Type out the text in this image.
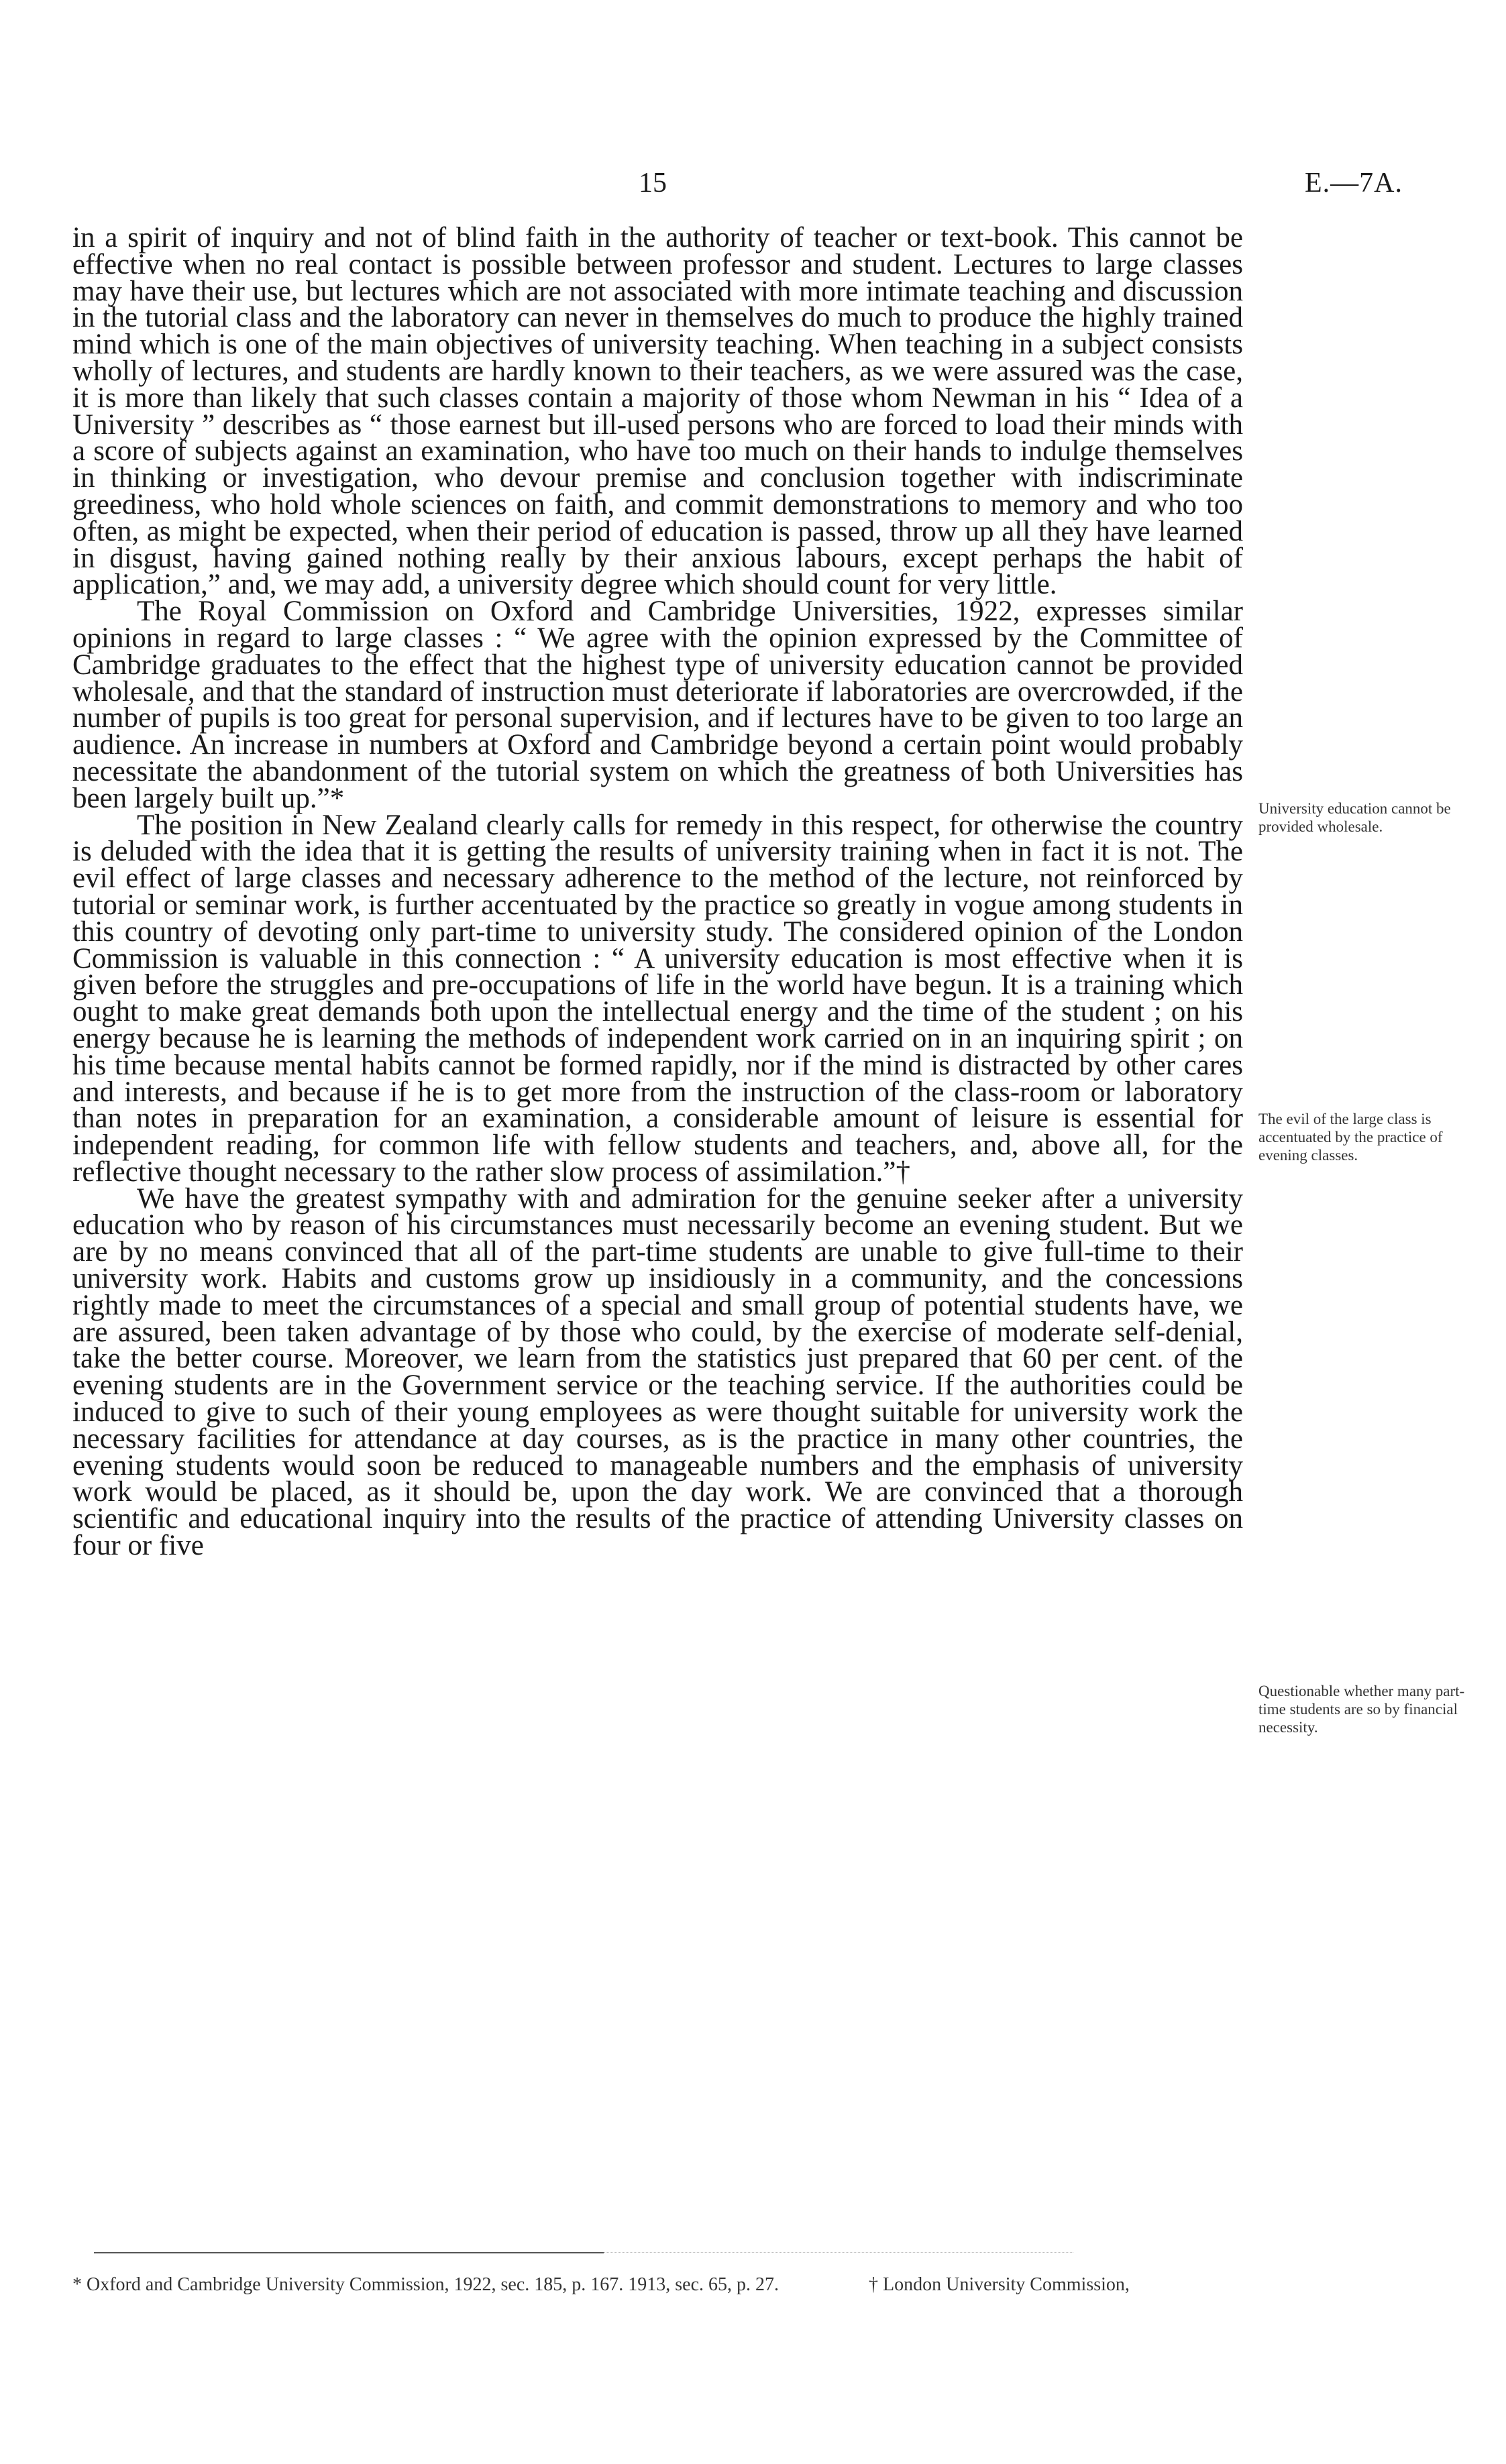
15	E.—7A.

in a spirit of inquiry and not of blind faith in the authority of teacher or text-book. This cannot be effective when no real contact is possible between professor and student. Lectures to large classes may have their use, but lectures which are not associated with more intimate teaching and discussion in the tutorial class and the laboratory can never in themselves do much to produce the highly trained mind which is one of the main objectives of university teaching. When teaching in a subject consists wholly of lectures, and students are hardly known to their teachers, as we were assured was the case, it is more than likely that such classes contain a majority of those whom Newman in his “ Idea of a University ” describes as “ those earnest but ill-used persons who are forced to load their minds with a score of subjects against an examination, who have too much on their hands to indulge themselves in thinking or investigation, who devour premise and conclusion together with indiscriminate greediness, who hold whole sciences on faith, and commit demonstrations to memory and who too often, as might be expected, when their period of education is passed, throw up all they have learned in disgust, having gained nothing really by their anxious labours, except perhaps the habit of application,” and, we may add, a university degree which should count for very little.

The Royal Commission on Oxford and Cambridge Universities, 1922, expresses similar opinions in regard to large classes : “ We agree with the opinion expressed by the Committee of Cambridge graduates to the effect that the highest type of university education cannot be provided wholesale, and that the standard of instruction must deteriorate if laboratories are overcrowded, if the number of pupils is too great for personal supervision, and if lectures have to be given to too large an audience. An increase in numbers at Oxford and Cambridge beyond a certain point would probably necessitate the abandonment of the tutorial system on which the greatness of both Universities has been largely built up.”*

The position in New Zealand clearly calls for remedy in this respect, for otherwise the country is deluded with the idea that it is getting the results of university training when in fact it is not. The evil effect of large classes and necessary adherence to the method of the lecture, not reinforced by tutorial or seminar work, is further accentuated by the practice so greatly in vogue among students in this country of devoting only part-time to university study. The considered opinion of the London Commission is valuable in this connection : “ A university education is most effective when it is given before the struggles and pre-occupations of life in the world have begun. It is a training which ought to make great demands both upon the intellectual energy and the time of the student ; on his energy because he is learning the methods of independent work carried on in an inquiring spirit ; on his time because mental habits cannot be formed rapidly, nor if the mind is distracted by other cares and interests, and because if he is to get more from the instruction of the class-room or laboratory than notes in preparation for an examination, a considerable amount of leisure is essential for independent reading, for common life with fellow students and teachers, and, above all, for the reflective thought necessary to the rather slow process of assimilation.”†

We have the greatest sympathy with and admiration for the genuine seeker after a university education who by reason of his circumstances must necessarily become an evening student. But we are by no means convinced that all of the part-time students are unable to give full-time to their university work. Habits and customs grow up insidiously in a community, and the concessions rightly made to meet the circumstances of a special and small group of potential students have, we are assured, been taken advantage of by those who could, by the exercise of moderate self-denial, take the better course. Moreover, we learn from the statistics just prepared that 60 per cent. of the evening students are in the Government service or the teaching service. If the authorities could be induced to give to such of their young employees as were thought suitable for university work the necessary facilities for attendance at day courses, as is the practice in many other countries, the evening students would soon be reduced to manageable numbers and the emphasis of university work would be placed, as it should be, upon the day work. We are convinced that a thorough scientific and educational inquiry into the results of the practice of attending University classes on four or five

University education cannot be provided wholesale.
The evil of the large class is accentuated by the practice of evening classes.
Questionable whether many part-time students are so by financial necessity.
* Oxford and Cambridge University Commission, 1922, sec. 185, p. 167. 1913, sec. 65, p. 27.	† London University Commission,
